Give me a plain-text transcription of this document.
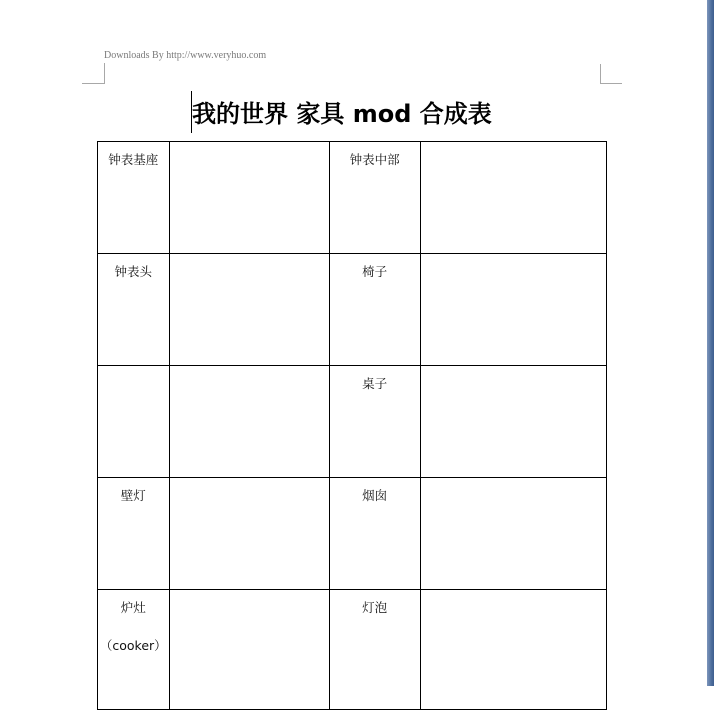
Downloads By http://www.veryhuo.com
我的世界 家具 mod 合成表
钟表基座		钟表中部	

钟表头		椅子	

		桌子	

壁灯		烟囱	

炉灶
（cooker）		灯泡	
